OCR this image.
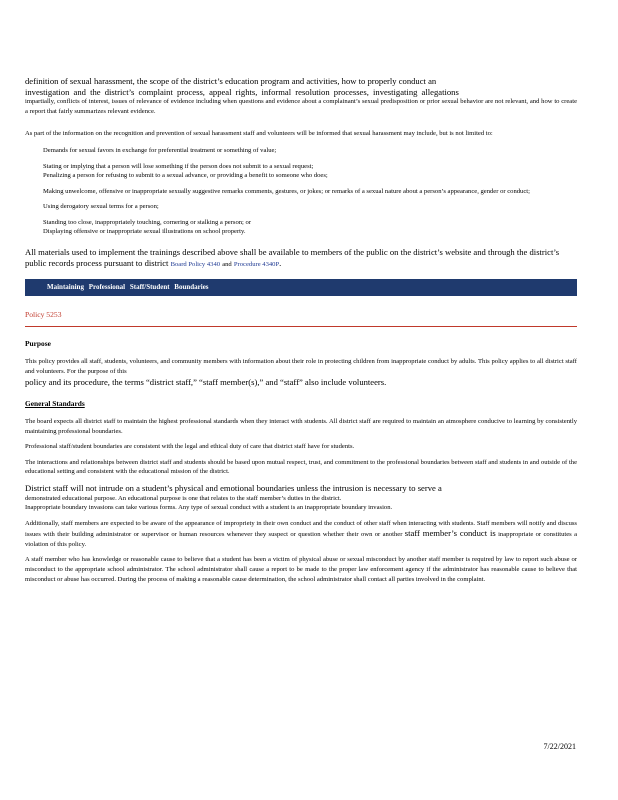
definition of sexual harassment, the scope of the district’s education program and activities, how to properly conduct an

investigation and the district’s complaint process, appeal rights, informal resolution processes, investigating allegations

impartially, conflicts of interest, issues of relevance of evidence including when questions and evidence about a complainant’s sexual predisposition or prior sexual behavior are not relevant, and how to create a report that fairly summarizes relevant evidence.

As part of the information on the recognition and prevention of sexual harassment staff and volunteers will be informed that sexual harassment may include, but is not limited to:

Demands for sexual favors in exchange for preferential treatment or something of value;
Stating or implying that a person will lose something if the person does not submit to a sexual request;
Penalizing a person for refusing to submit to a sexual advance, or providing a benefit to someone who does;
Making unwelcome, offensive or inappropriate sexually suggestive remarks comments, gestures, or jokes; or remarks of a sexual nature about a person’s appearance, gender or conduct;
Using derogatory sexual terms for a person;
Standing too close, inappropriately touching, cornering or stalking a person; or
Displaying offensive or inappropriate sexual illustrations on school property.

All materials used to implement the trainings described above shall be available to members of the public on the district’s website and through the district’s public records process pursuant to district Board Policy 4340 and Procedure 4340P.

Maintaining Professional Staff/Student Boundaries
Policy 5253
Purpose

This policy provides all staff, students, volunteers, and community members with information about their role in protecting children from inappropriate conduct by adults. This policy applies to all district staff and volunteers. For the purpose of this

policy and its procedure, the terms “district staff,” “staff member(s),” and “staff” also include volunteers.

General Standards

The board expects all district staff to maintain the highest professional standards when they interact with students. All district staff are required to maintain an atmosphere conducive to learning by consistently maintaining professional boundaries.

Professional staff/student boundaries are consistent with the legal and ethical duty of care that district staff have for students.

The interactions and relationships between district staff and students should be based upon mutual respect, trust, and commitment to the professional boundaries between staff and students in and outside of the educational setting and consistent with the educational mission of the district.

District staff will not intrude on a student’s physical and emotional boundaries unless the intrusion is necessary to serve a

demonstrated educational purpose. An educational purpose is one that relates to the staff member’s duties in the district.

Inappropriate boundary invasions can take various forms. Any type of sexual conduct with a student is an inappropriate boundary invasion.

Additionally, staff members are expected to be aware of the appearance of impropriety in their own conduct and the conduct of other staff when interacting with students. Staff members will notify and discuss issues with their building administrator or supervisor or human resources whenever they suspect or question whether their own or another staff member’s conduct is inappropriate or constitutes a violation of this policy.

A staff member who has knowledge or reasonable cause to believe that a student has been a victim of physical abuse or sexual misconduct by another staff member is required by law to report such abuse or misconduct to the appropriate school administrator. The school administrator shall cause a report to be made to the proper law enforcement agency if the administrator has reasonable cause to believe that misconduct or abuse has occurred. During the process of making a reasonable cause determination, the school administrator shall contact all parties involved in the complaint.

7/22/2021
